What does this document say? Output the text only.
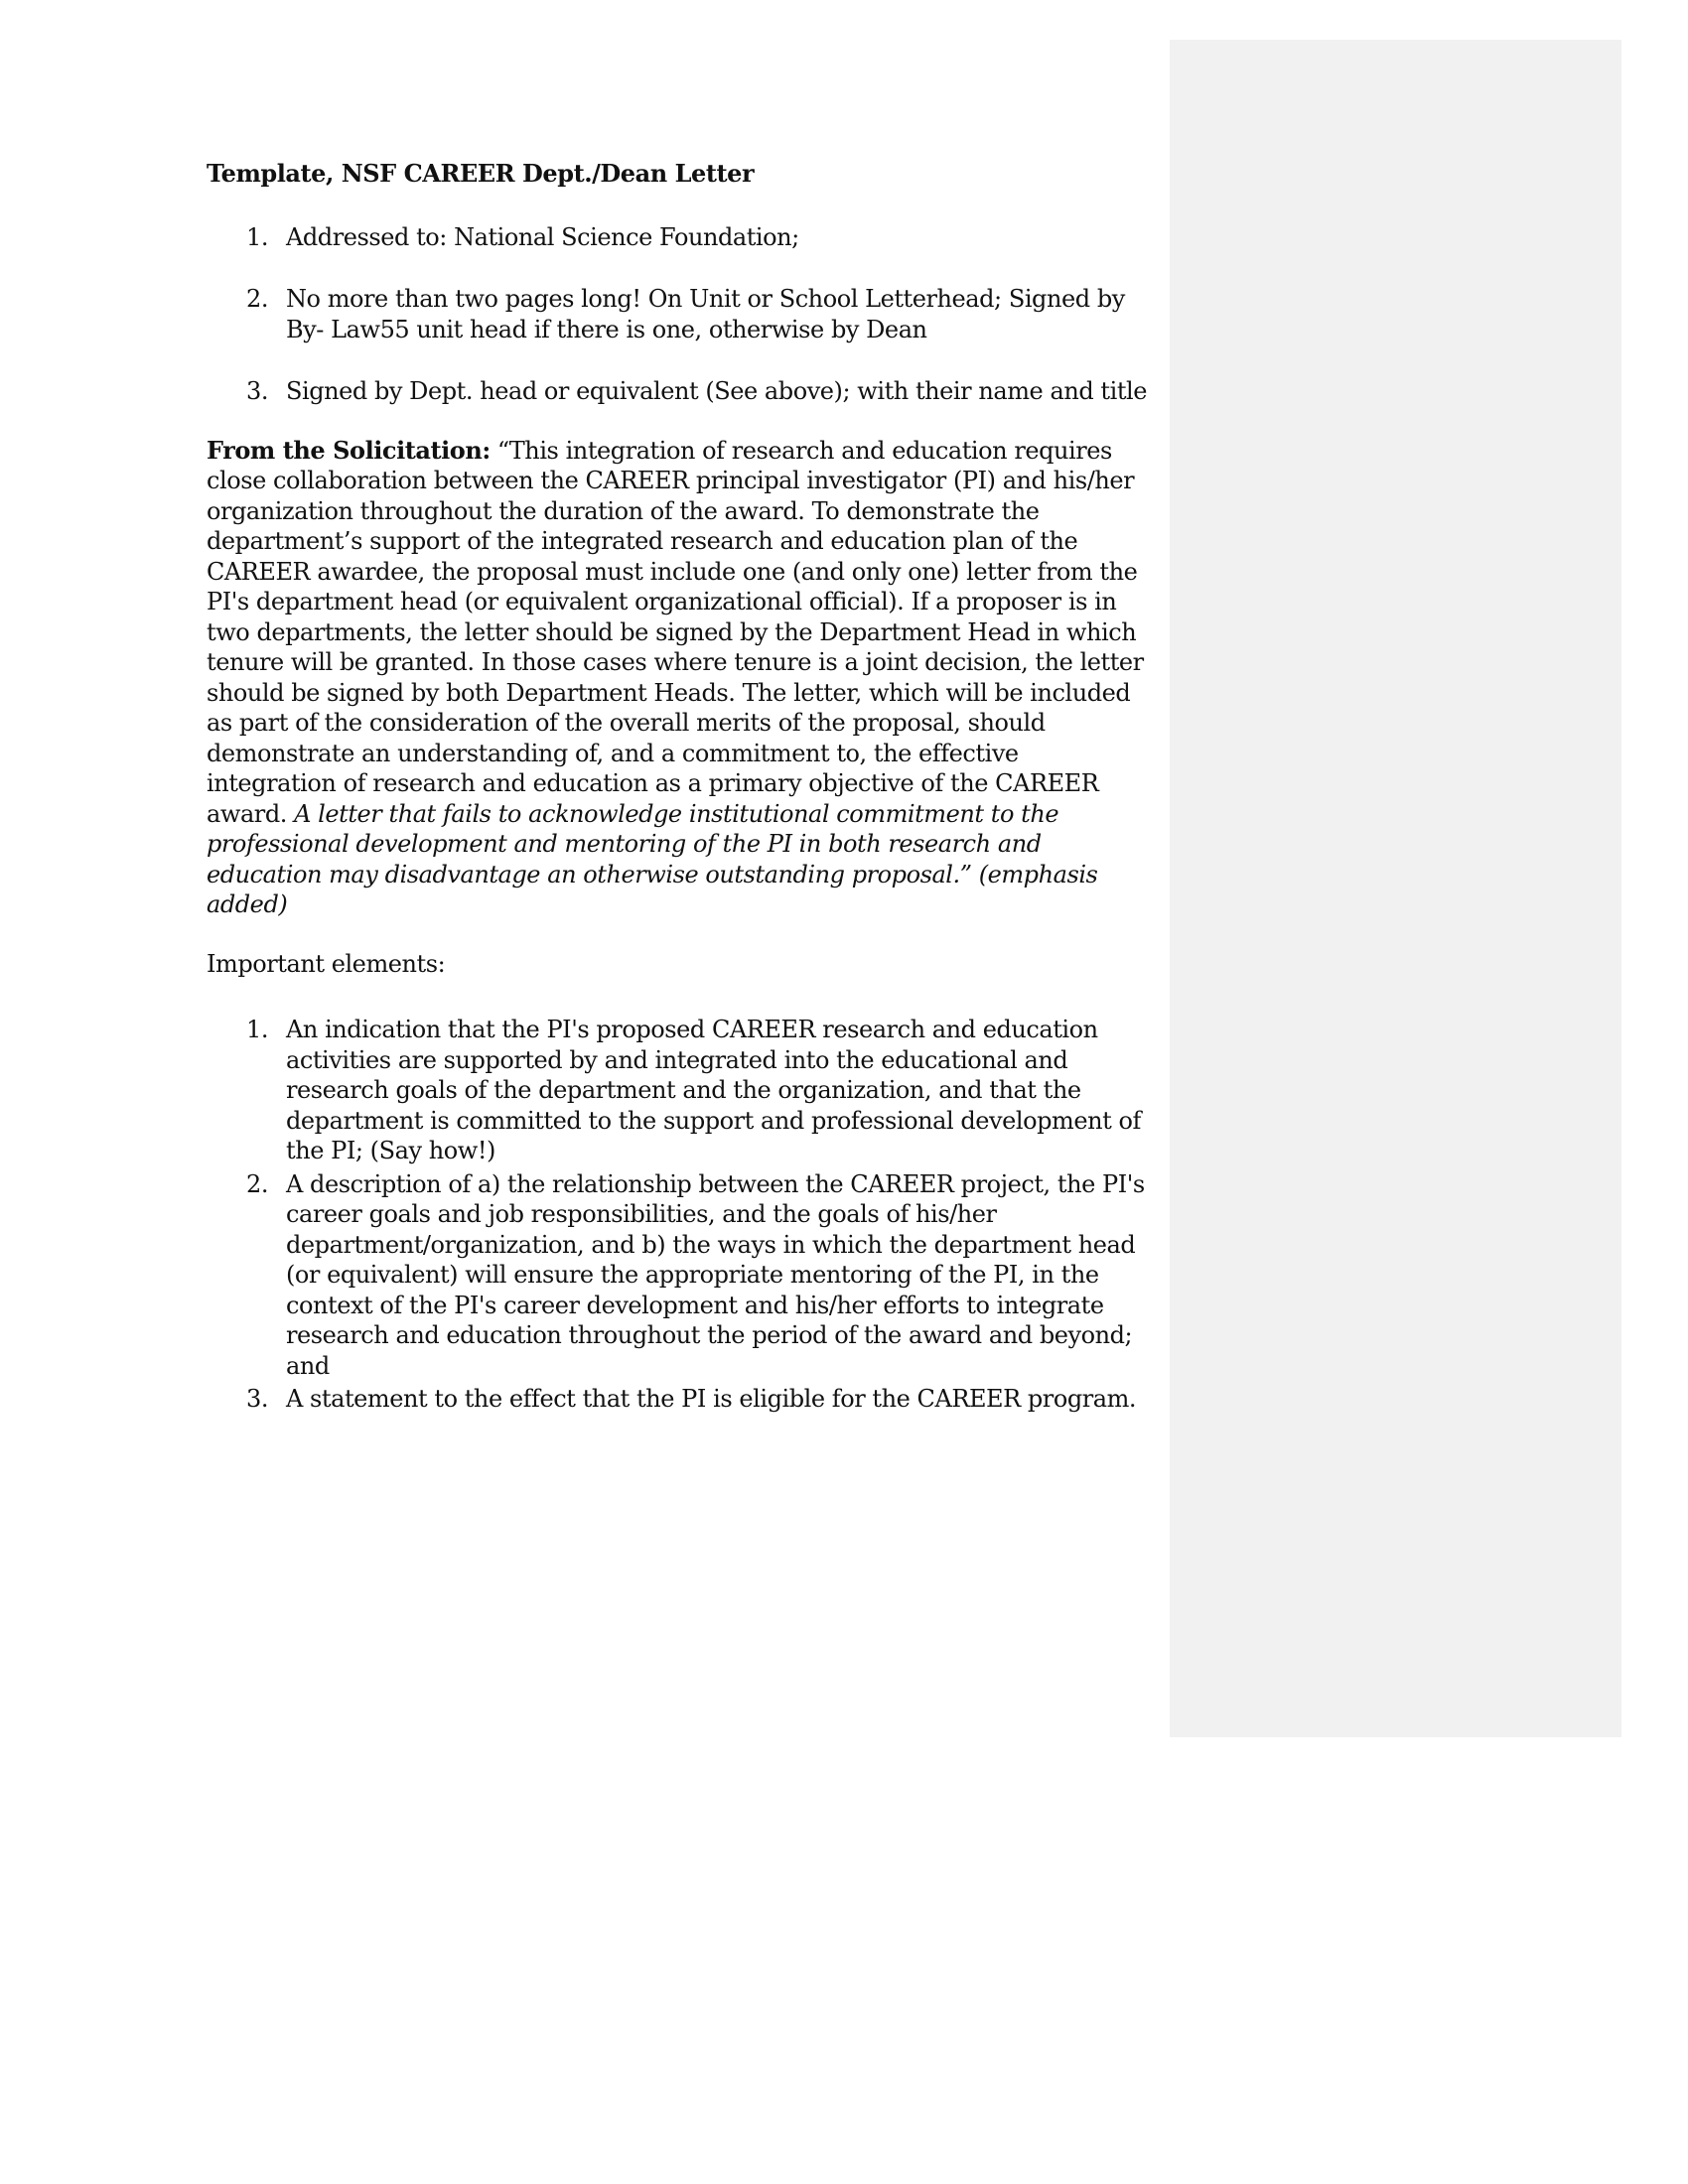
Template, NSF CAREER Dept./Dean Letter
1. Addressed to: National Science Foundation;
2. No more than two pages long! On Unit or School Letterhead; Signed by By- Law55 unit head if there is one, otherwise by Dean
3. Signed by Dept. head or equivalent (See above); with their name and title

From the Solicitation: “This integration of research and education requires close collaboration between the CAREER principal investigator (PI) and his/her organization throughout the duration of the award. To demonstrate the department’s support of the integrated research and education plan of the CAREER awardee, the proposal must include one (and only one) letter from the PI's department head (or equivalent organizational official). If a proposer is in two departments, the letter should be signed by the Department Head in which tenure will be granted. In those cases where tenure is a joint decision, the letter should be signed by both Department Heads. The letter, which will be included as part of the consideration of the overall merits of the proposal, should demonstrate an understanding of, and a commitment to, the effective integration of research and education as a primary objective of the CAREER award. A letter that fails to acknowledge institutional commitment to the professional development and mentoring of the PI in both research and education may disadvantage an otherwise outstanding proposal.” (emphasis added)

Important elements:

1. An indication that the PI's proposed CAREER research and education activities are supported by and integrated into the educational and research goals of the department and the organization, and that the department is committed to the support and professional development of the PI; (Say how!)
2. A description of a) the relationship between the CAREER project, the PI's career goals and job responsibilities, and the goals of his/her department/organization, and b) the ways in which the department head (or equivalent) will ensure the appropriate mentoring of the PI, in the context of the PI's career development and his/her efforts to integrate research and education throughout the period of the award and beyond; and
3. A statement to the effect that the PI is eligible for the CAREER program.
